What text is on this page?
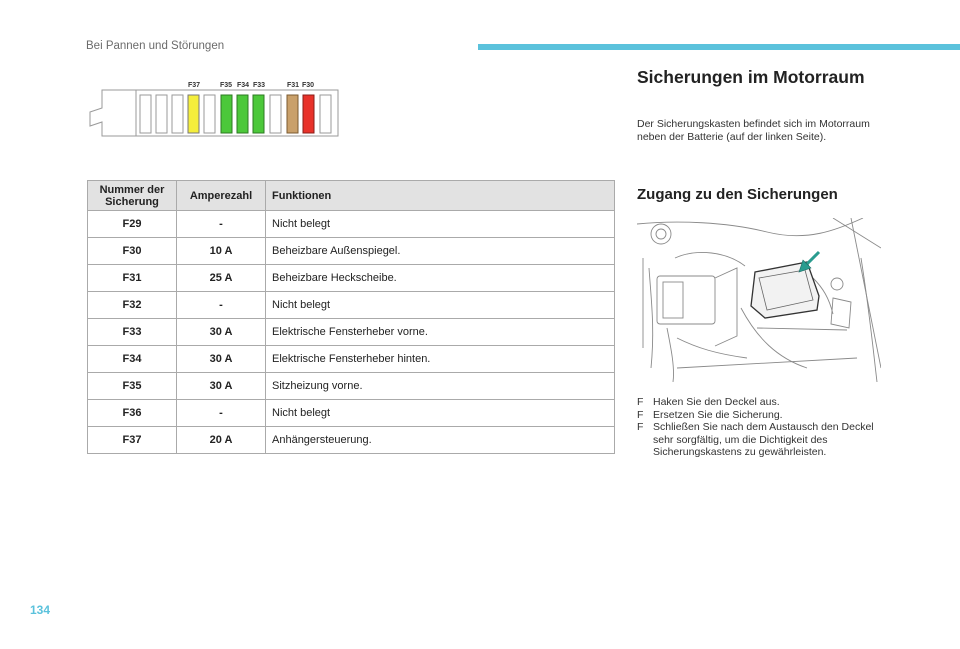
Bei Pannen und Störungen
F37	F35 F34 F33	F31 F30
Nummer der Sicherung	Amperezahl	Funktionen
F29	-	Nicht belegt
F30	10 A	Beheizbare Außenspiegel.
F31	25 A	Beheizbare Heckscheibe.
F32	-	Nicht belegt
F33	30 A	Elektrische Fensterheber vorne.
F34	30 A	Elektrische Fensterheber hinten.
F35	30 A	Sitzheizung vorne.
F36	-	Nicht belegt
F37	20 A	Anhängersteuerung.
Sicherungen im Motorraum
Der Sicherungskasten befindet sich im Motorraum neben der Batterie (auf der linken Seite).
Zugang zu den Sicherungen
F Haken Sie den Deckel aus.
F Ersetzen Sie die Sicherung.
F Schließen Sie nach dem Austausch den Deckel sehr sorgfältig, um die Dichtigkeit des Sicherungskastens zu gewährleisten.
134
